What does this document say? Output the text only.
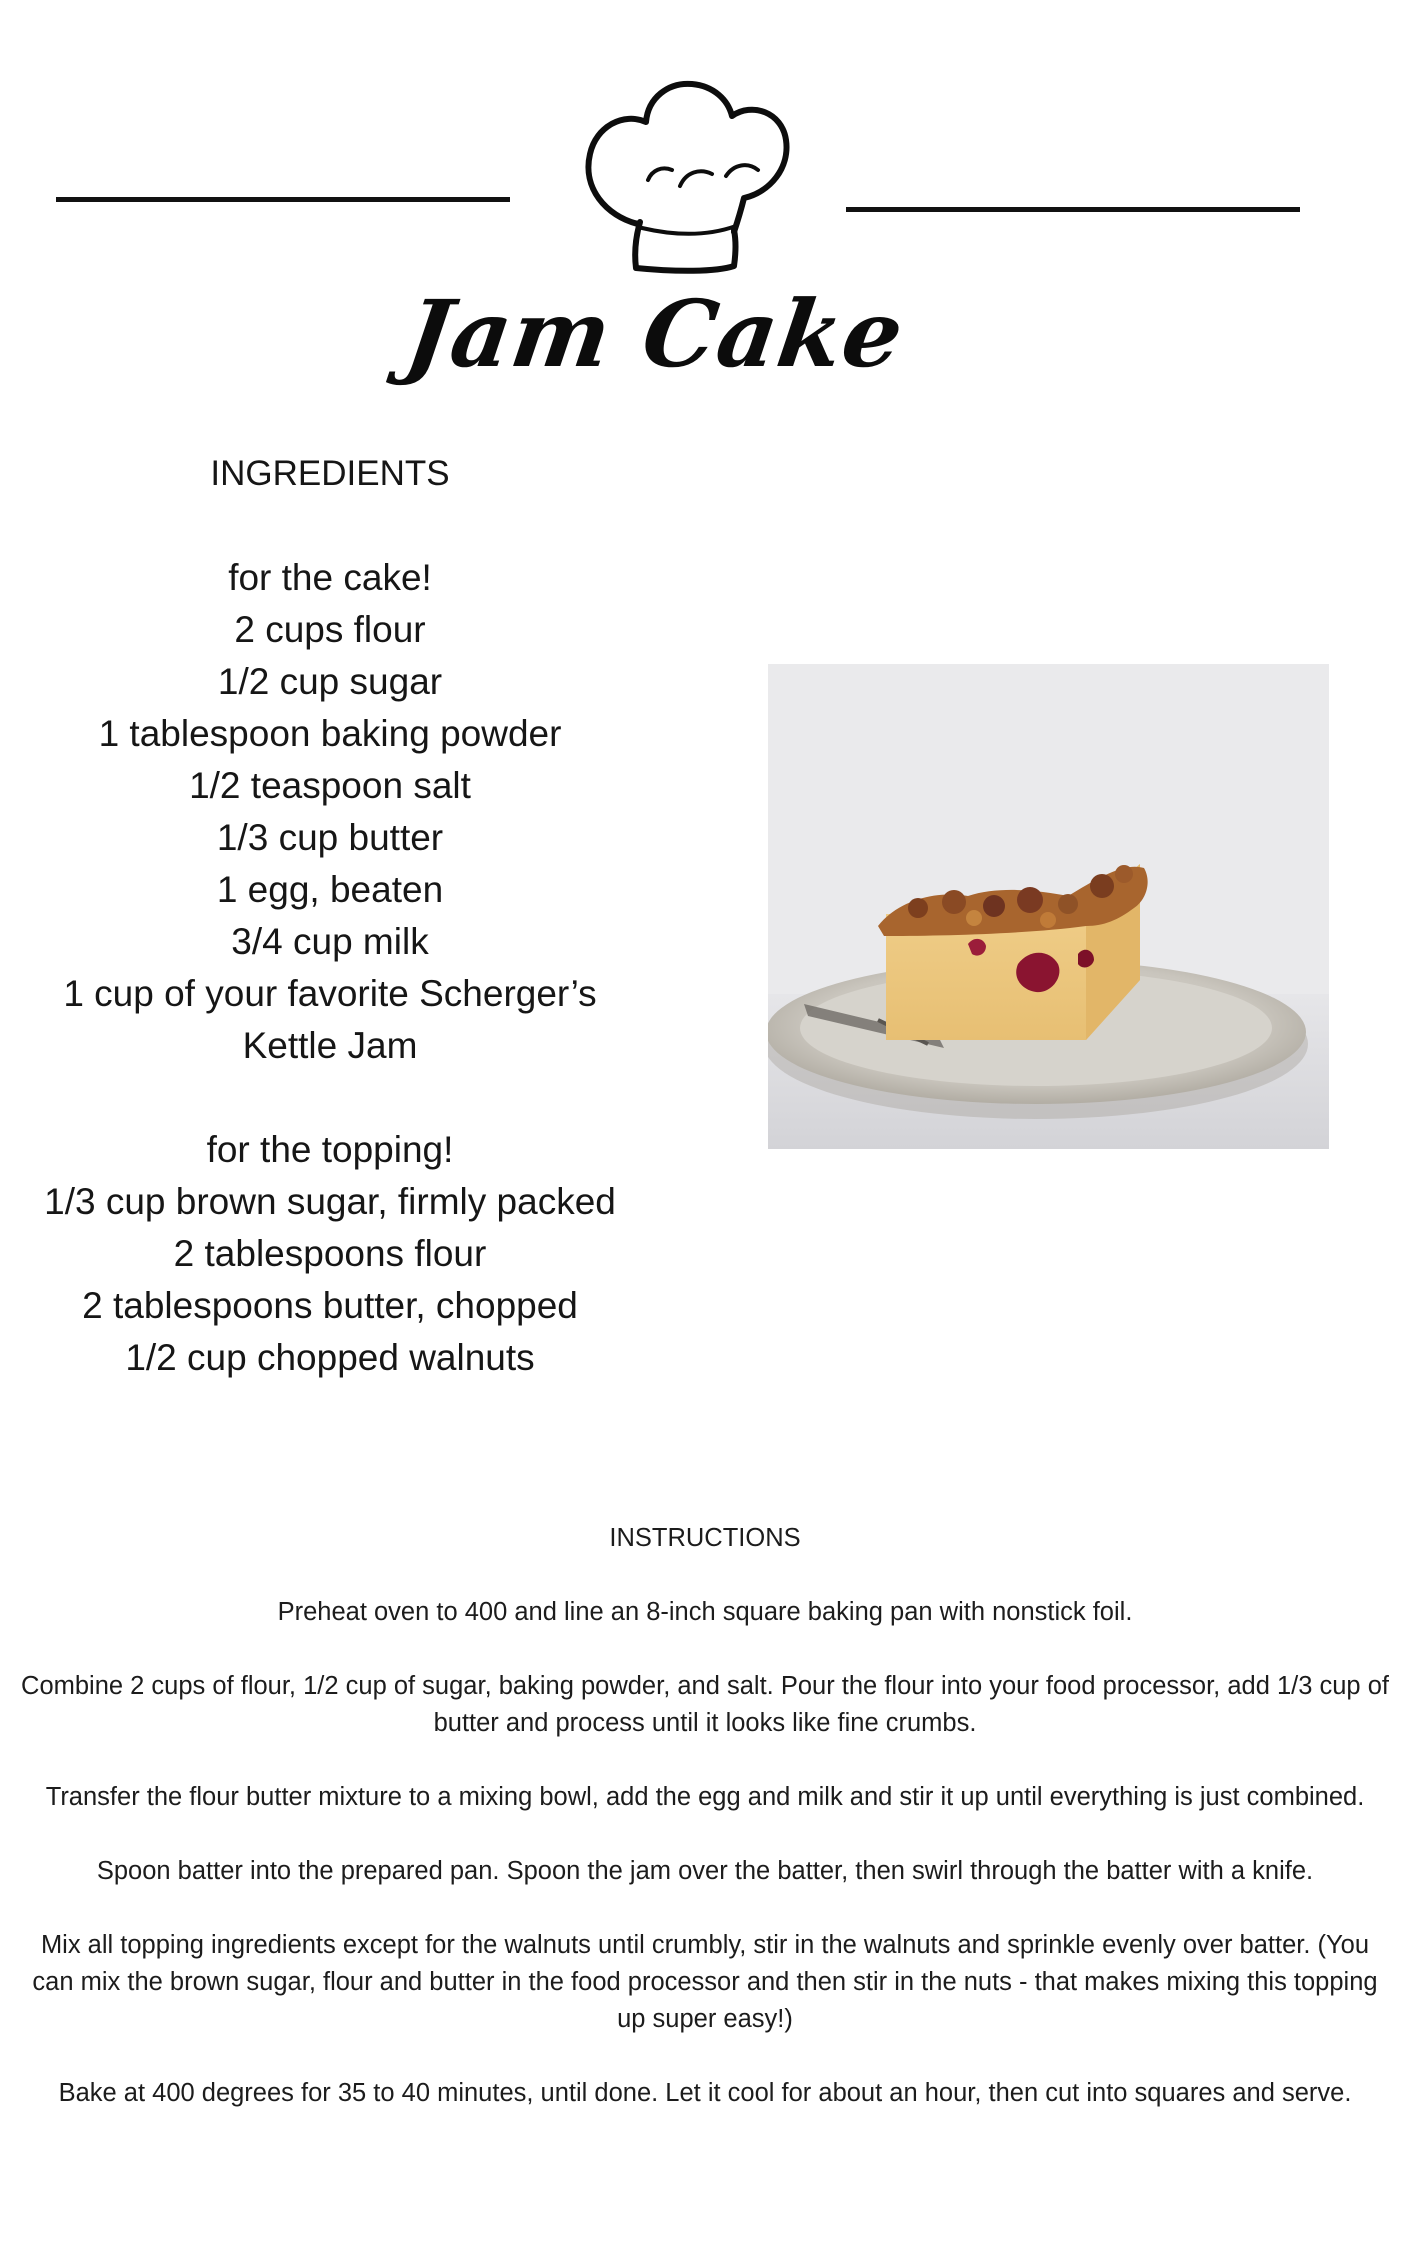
Jam Cake
INGREDIENTS
for the cake!
2 cups flour
1/2 cup sugar
1 tablespoon baking powder
1/2 teaspoon salt
1/3 cup butter
1 egg, beaten
3/4 cup milk
1 cup of your favorite Scherger’s
Kettle Jam
for the topping!
1/3 cup brown sugar, firmly packed
2 tablespoons flour
2 tablespoons butter, chopped
1/2 cup chopped walnuts
INSTRUCTIONS

Preheat oven to 400 and line an 8-inch square baking pan with nonstick foil.

Combine 2 cups of flour, 1/2 cup of sugar, baking powder, and salt. Pour the flour into your food processor, add 1/3 cup of butter and process until it looks like fine crumbs.

Transfer the flour butter mixture to a mixing bowl, add the egg and milk and stir it up until everything is just combined.

Spoon batter into the prepared pan. Spoon the jam over the batter, then swirl through the batter with a knife.

Mix all topping ingredients except for the walnuts until crumbly, stir in the walnuts and sprinkle evenly over batter. (You can mix the brown sugar, flour and butter in the food processor and then stir in the nuts - that makes mixing this topping up super easy!)

Bake at 400 degrees for 35 to 40 minutes, until done. Let it cool for about an hour, then cut into squares and serve.
